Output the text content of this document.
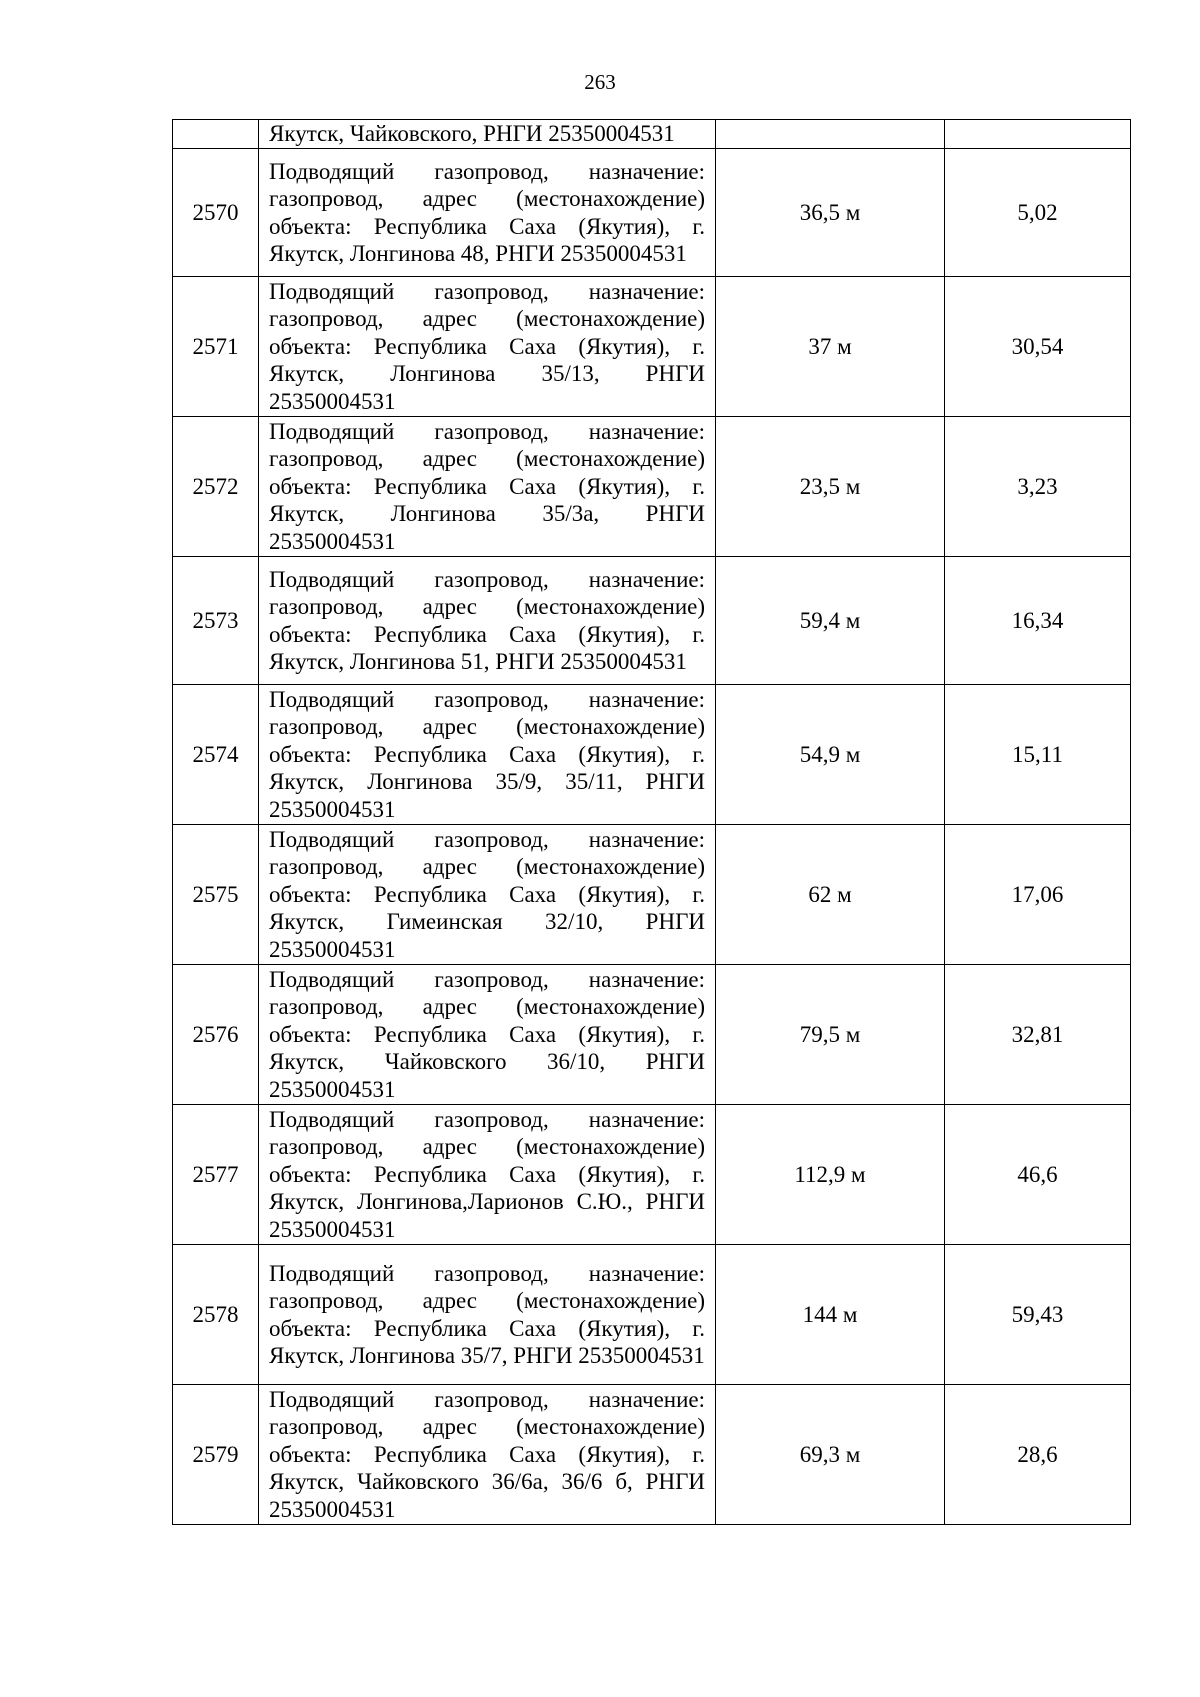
263

	Якутск, Чайковского, РНГИ 25350004531		

2570	Подводящий газопровод, назначение: газопровод, адрес (местонахождение) объекта: Республика Саха (Якутия), г. Якутск, Лонгинова 48, РНГИ 25350004531	36,5 м	5,02
2571	Подводящий газопровод, назначение: газопровод, адрес (местонахождение) объекта: Республика Саха (Якутия), г. Якутск, Лонгинова 35/13, РНГИ 25350004531	37 м	30,54
2572	Подводящий газопровод, назначение: газопровод, адрес (местонахождение) объекта: Республика Саха (Якутия), г. Якутск, Лонгинова 35/3а, РНГИ 25350004531	23,5 м	3,23
2573	Подводящий газопровод, назначение: газопровод, адрес (местонахождение) объекта: Республика Саха (Якутия), г. Якутск, Лонгинова 51, РНГИ 25350004531	59,4 м	16,34
2574	Подводящий газопровод, назначение: газопровод, адрес (местонахождение) объекта: Республика Саха (Якутия), г. Якутск, Лонгинова 35/9, 35/11, РНГИ 25350004531	54,9 м	15,11
2575	Подводящий газопровод, назначение: газопровод, адрес (местонахождение) объекта: Республика Саха (Якутия), г. Якутск, Гимеинская 32/10, РНГИ 25350004531	62 м	17,06
2576	Подводящий газопровод, назначение: газопровод, адрес (местонахождение) объекта: Республика Саха (Якутия), г. Якутск, Чайковского 36/10, РНГИ 25350004531	79,5 м	32,81
2577	Подводящий газопровод, назначение: газопровод, адрес (местонахождение) объекта: Республика Саха (Якутия), г. Якутск, Лонгинова,Ларионов С.Ю., РНГИ 25350004531	112,9 м	46,6
2578	Подводящий газопровод, назначение: газопровод, адрес (местонахождение) объекта: Республика Саха (Якутия), г. Якутск, Лонгинова 35/7, РНГИ 25350004531	144 м	59,43
2579	Подводящий газопровод, назначение: газопровод, адрес (местонахождение) объекта: Республика Саха (Якутия), г. Якутск, Чайковского 36/6а, 36/6 б, РНГИ 25350004531	69,3 м	28,6
